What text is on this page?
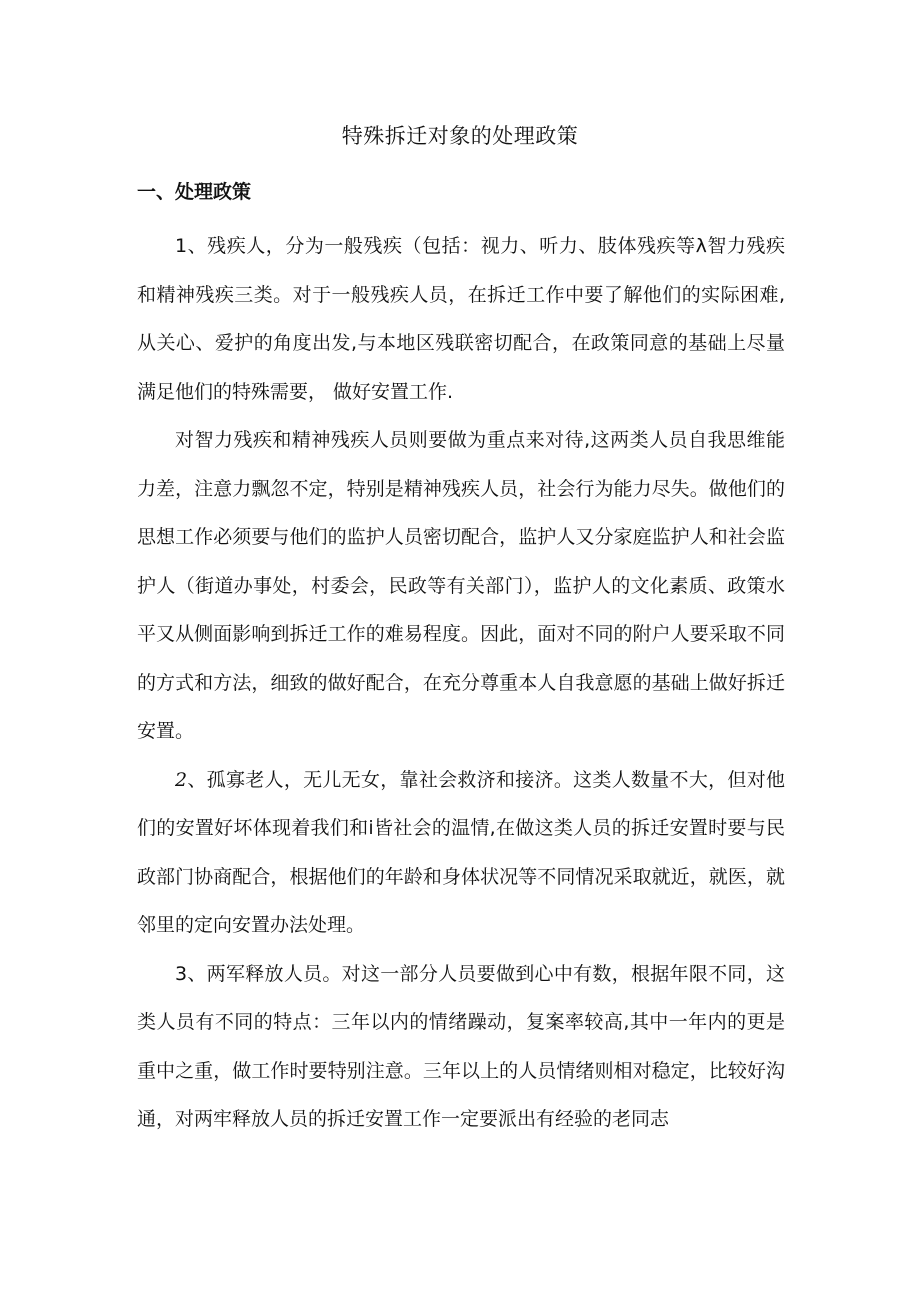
特殊拆迁对象的处理政策
一、处理政策

1、残疾人，分为一般残疾（包括：视力、听力、肢体残疾等λ智力残疾和精神残疾三类。对于一般残疾人员，在拆迁工作中要了解他们的实际困难,从关心、爱护的角度出发,与本地区残联密切配合，在政策同意的基础上尽量满足他们的特殊需要， 做好安置工作.

对智力残疾和精神残疾人员则要做为重点来对待,这两类人员自我思维能力差，注意力飘忽不定，特别是精神残疾人员，社会行为能力尽失。做他们的思想工作必须要与他们的监护人员密切配合，监护人又分家庭监护人和社会监护人（街道办事处，村委会，民政等有关部门），监护人的文化素质、政策水平又从侧面影响到拆迁工作的难易程度。因此，面对不同的附户人要采取不同的方式和方法，细致的做好配合，在充分尊重本人自我意愿的基础上做好拆迁安置。

2、孤寡老人，无儿无女，靠社会救济和接济。这类人数量不大，但对他们的安置好坏体现着我们和i皆社会的温情,在做这类人员的拆迁安置时要与民政部门协商配合，根据他们的年龄和身体状况等不同情况采取就近，就医，就邻里的定向安置办法处理。

3、两军释放人员。对这一部分人员要做到心中有数，根据年限不同，这类人员有不同的特点：三年以内的情绪躁动，复案率较高,其中一年内的更是重中之重，做工作时要特别注意。三年以上的人员情绪则相对稳定，比较好沟通，对两牢释放人员的拆迁安置工作一定要派出有经验的老同志
